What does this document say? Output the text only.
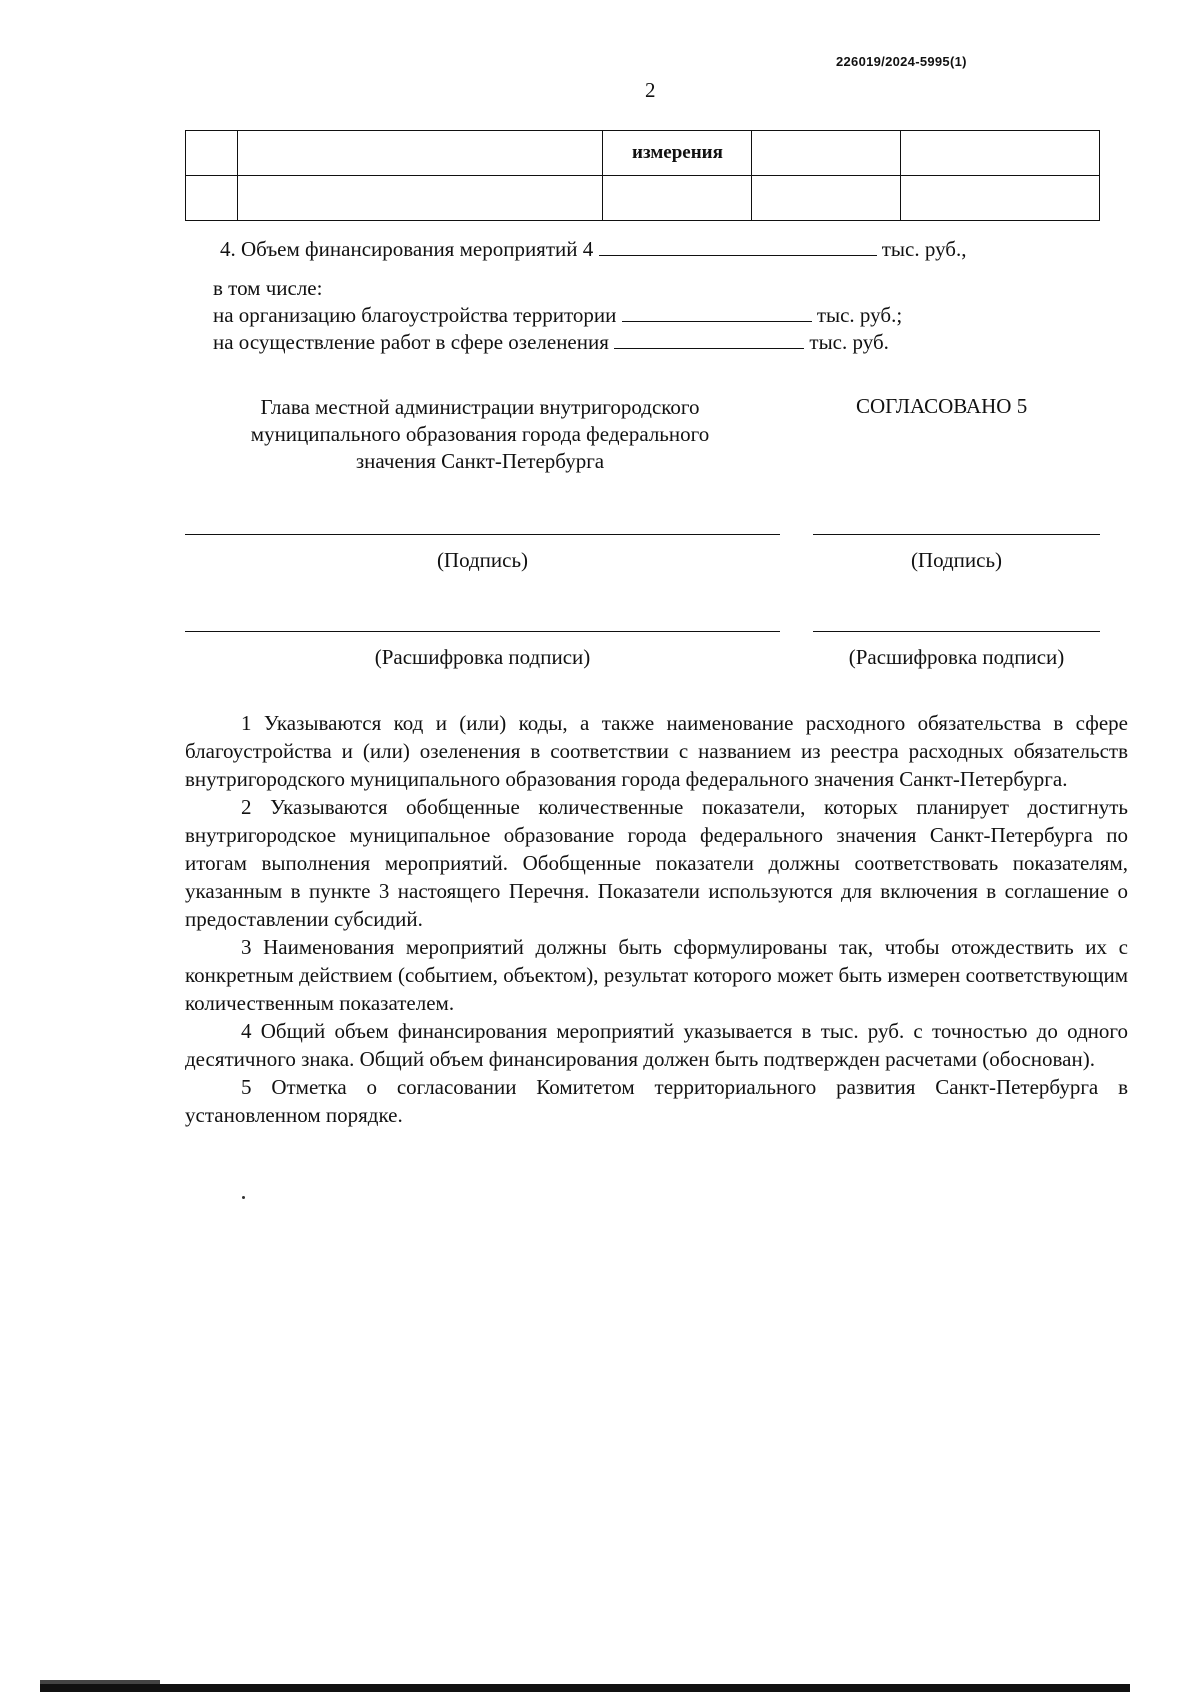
226019/2024-5995(1)
2
		измерения		

4. Объем финансирования мероприятий 4	тыс. руб.,
в том числе:
на организацию благоустройства территории	тыс. руб.;
на осуществление работ в сфере озеленения	тыс. руб.
Глава местной администрации внутригородского
муниципального образования города федерального
значения Санкт-Петербурга
СОГЛАСОВАНО 5
(Подпись)	(Подпись)
(Расшифровка подписи)	(Расшифровка подписи)

1 Указываются код и (или) коды, а также наименование расходного обязательства в сфере благоустройства и (или) озеленения в соответствии с названием из реестра расходных обязательств внутригородского муниципального образования города федерального значения Санкт-Петербурга.

2 Указываются обобщенные количественные показатели, которых планирует достигнуть внутригородское муниципальное образование города федерального значения Санкт-Петербурга по итогам выполнения мероприятий. Обобщенные показатели должны соответствовать показателям, указанным в пункте 3 настоящего Перечня. Показатели используются для включения в соглашение о предоставлении субсидий.

3 Наименования мероприятий должны быть сформулированы так, чтобы отождествить их с конкретным действием (событием, объектом), результат которого может быть измерен соответствующим количественным показателем.

4 Общий объем финансирования мероприятий указывается в тыс. руб. с точностью до одного десятичного знака. Общий объем финансирования должен быть подтвержден расчетами (обоснован).

5 Отметка о согласовании Комитетом территориального развития Санкт-Петербурга в установленном порядке.
